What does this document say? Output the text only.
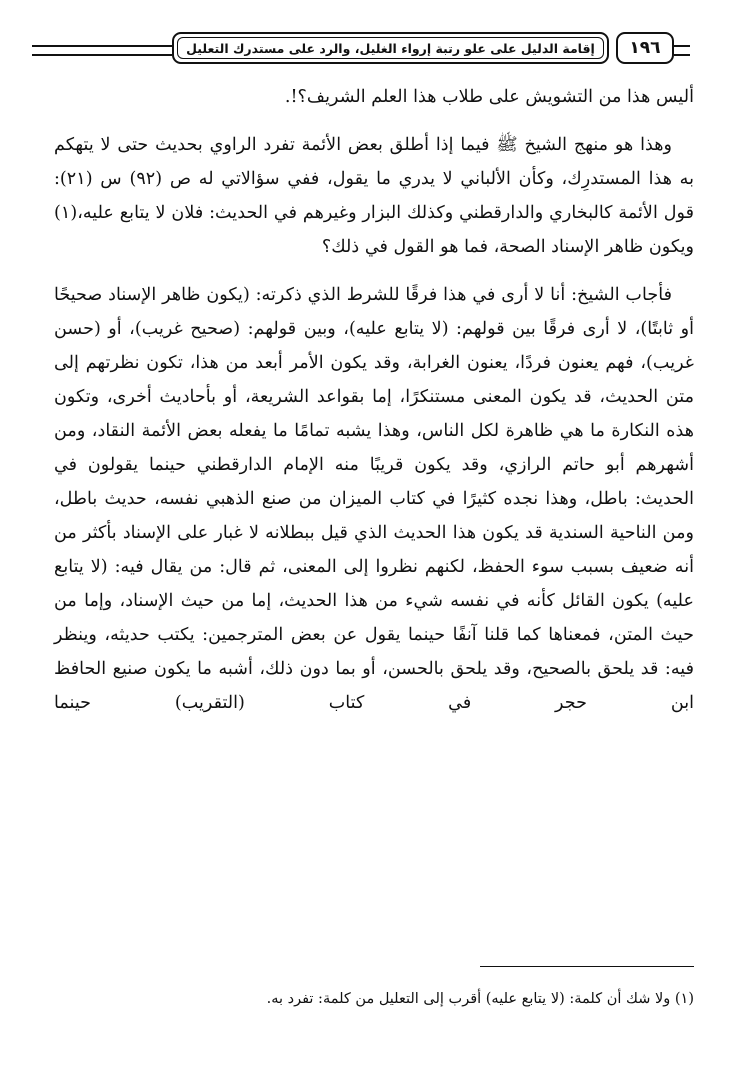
إقامة الدليل على علو رتبة إرواء الغليل، والرد على مستدرك التعليل ١٩٦

أليس هذا من التشويش على طلاب هذا العلم الشريف؟!.

وهذا هو منهج الشيخ ﷺ فيما إذا أطلق بعض الأئمة تفرد الراوي بحديث حتى لا يتهكم به هذا المستدرِك، وكأن الألباني لا يدري ما يقول، ففي سؤالاتي له ص (٩٢) س (٢١): قول الأئمة كالبخاري والدارقطني وكذلك البزار وغيرهم في الحديث: فلان لا يتابع عليه،(١) ويكون ظاهر الإسناد الصحة، فما هو القول في ذلك؟

فأجاب الشيخ: أنا لا أرى في هذا فرقًا للشرط الذي ذكرته: (يكون ظاهر الإسناد صحيحًا أو ثابتًا)، لا أرى فرقًا بين قولهم: (لا يتابع عليه)، وبين قولهم: (صحيح غريب)، أو (حسن غريب)، فهم يعنون فردًا، يعنون الغرابة، وقد يكون الأمر أبعد من هذا، تكون نظرتهم إلى متن الحديث، قد يكون المعنى مستنكرًا، إما بقواعد الشريعة، أو بأحاديث أخرى، وتكون هذه النكارة ما هي ظاهرة لكل الناس، وهذا يشبه تمامًا ما يفعله بعض الأئمة النقاد، ومن أشهرهم أبو حاتم الرازي، وقد يكون قريبًا منه الإمام الدارقطني حينما يقولون في الحديث: باطل، وهذا نجده كثيرًا في كتاب الميزان من صنع الذهبي نفسه، حديث باطل، ومن الناحية السندية قد يكون هذا الحديث الذي قيل ببطلانه لا غبار على الإسناد بأكثر من أنه ضعيف بسبب سوء الحفظ، لكنهم نظروا إلى المعنى، ثم قال: من يقال فيه: (لا يتابع عليه) يكون القائل كأنه في نفسه شيء من هذا الحديث، إما من حيث الإسناد، وإما من حيث المتن، فمعناها كما قلنا آنفًا حينما يقول عن بعض المترجمين: يكتب حديثه، وينظر فيه: قد يلحق بالصحيح، وقد يلحق بالحسن، أو بما دون ذلك، أشبه ما يكون صنيع الحافظ ابن حجر في كتاب (التقريب) حينما

(١) ولا شك أن كلمة: (لا يتابع عليه) أقرب إلى التعليل من كلمة: تفرد به.
